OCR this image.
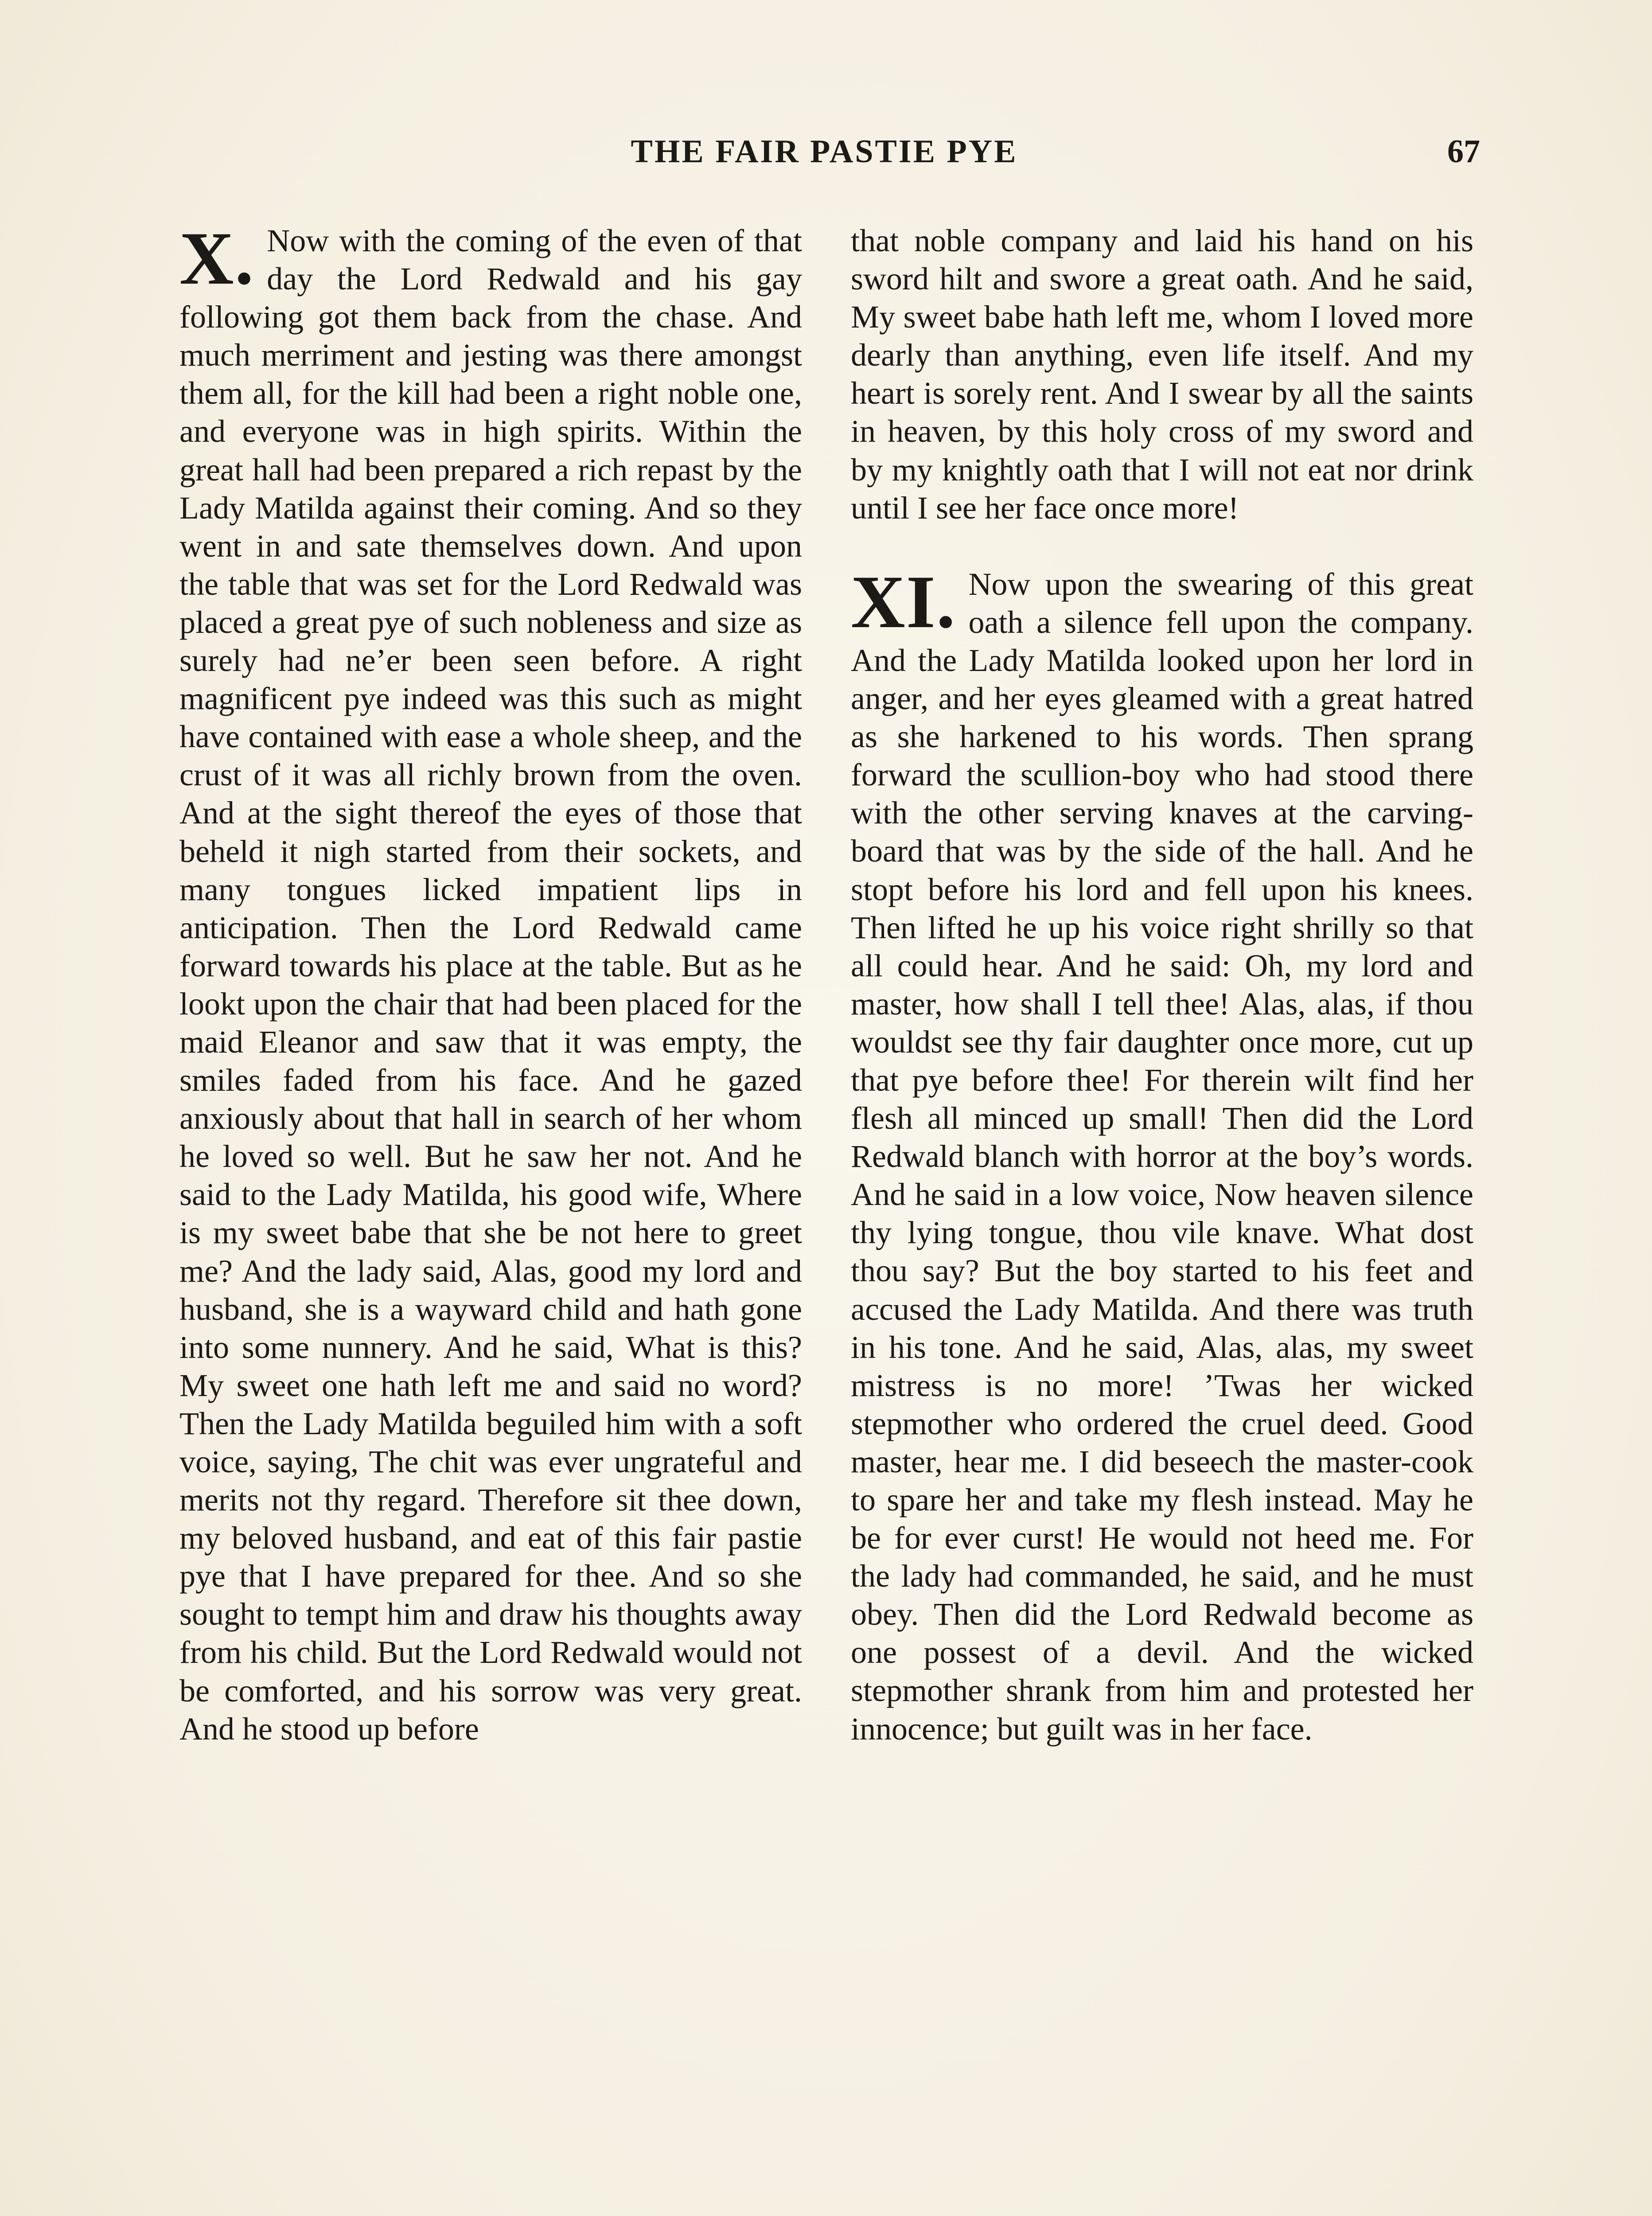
THE FAIR PASTIE PYE	67
X. Now with the coming of the even of that day the Lord Redwald and his gay following got them back from the chase. And much merriment and jesting was there amongst them all, for the kill had been a right noble one, and everyone was in high spirits. Within the great hall had been prepared a rich repast by the Lady Matilda against their coming. And so they went in and sate themselves down. And upon the table that was set for the Lord Redwald was placed a great pye of such nobleness and size as surely had ne’er been seen before. A right magnificent pye indeed was this such as might have contained with ease a whole sheep, and the crust of it was all richly brown from the oven. And at the sight thereof the eyes of those that beheld it nigh started from their sockets, and many tongues licked impatient lips in anticipation. Then the Lord Redwald came forward towards his place at the table. But as he lookt upon the chair that had been placed for the maid Eleanor and saw that it was empty, the smiles faded from his face. And he gazed anxiously about that hall in search of her whom he loved so well. But he saw her not. And he said to the Lady Matilda, his good wife, Where is my sweet babe that she be not here to greet me? And the lady said, Alas, good my lord and husband, she is a wayward child and hath gone into some nunnery. And he said, What is this? My sweet one hath left me and said no word? Then the Lady Matilda beguiled him with a soft voice, saying, The chit was ever ungrateful and merits not thy regard. Therefore sit thee down, my beloved husband, and eat of this fair pastie pye that I have prepared for thee. And so she sought to tempt him and draw his thoughts away from his child. But the Lord Redwald would not be comforted, and his sorrow was very great. And he stood up before

that noble company and laid his hand on his sword hilt and swore a great oath. And he said, My sweet babe hath left me, whom I loved more dearly than anything, even life itself. And my heart is sorely rent. And I swear by all the saints in heaven, by this holy cross of my sword and by my knightly oath that I will not eat nor drink until I see her face once more!

XI. Now upon the swearing of this great oath a silence fell upon the company. And the Lady Matilda looked upon her lord in anger, and her eyes gleamed with a great hatred as she harkened to his words. Then sprang forward the scullion-boy who had stood there with the other serving knaves at the carving-board that was by the side of the hall. And he stopt before his lord and fell upon his knees. Then lifted he up his voice right shrilly so that all could hear. And he said: Oh, my lord and master, how shall I tell thee! Alas, alas, if thou wouldst see thy fair daughter once more, cut up that pye before thee! For therein wilt find her flesh all minced up small! Then did the Lord Redwald blanch with horror at the boy’s words. And he said in a low voice, Now heaven silence thy lying tongue, thou vile knave. What dost thou say? But the boy started to his feet and accused the Lady Matilda. And there was truth in his tone. And he said, Alas, alas, my sweet mistress is no more! ’Twas her wicked stepmother who ordered the cruel deed. Good master, hear me. I did beseech the master-cook to spare her and take my flesh instead. May he be for ever curst! He would not heed me. For the lady had commanded, he said, and he must obey. Then did the Lord Redwald become as one possest of a devil. And the wicked stepmother shrank from him and protested her innocence; but guilt was in her face.
